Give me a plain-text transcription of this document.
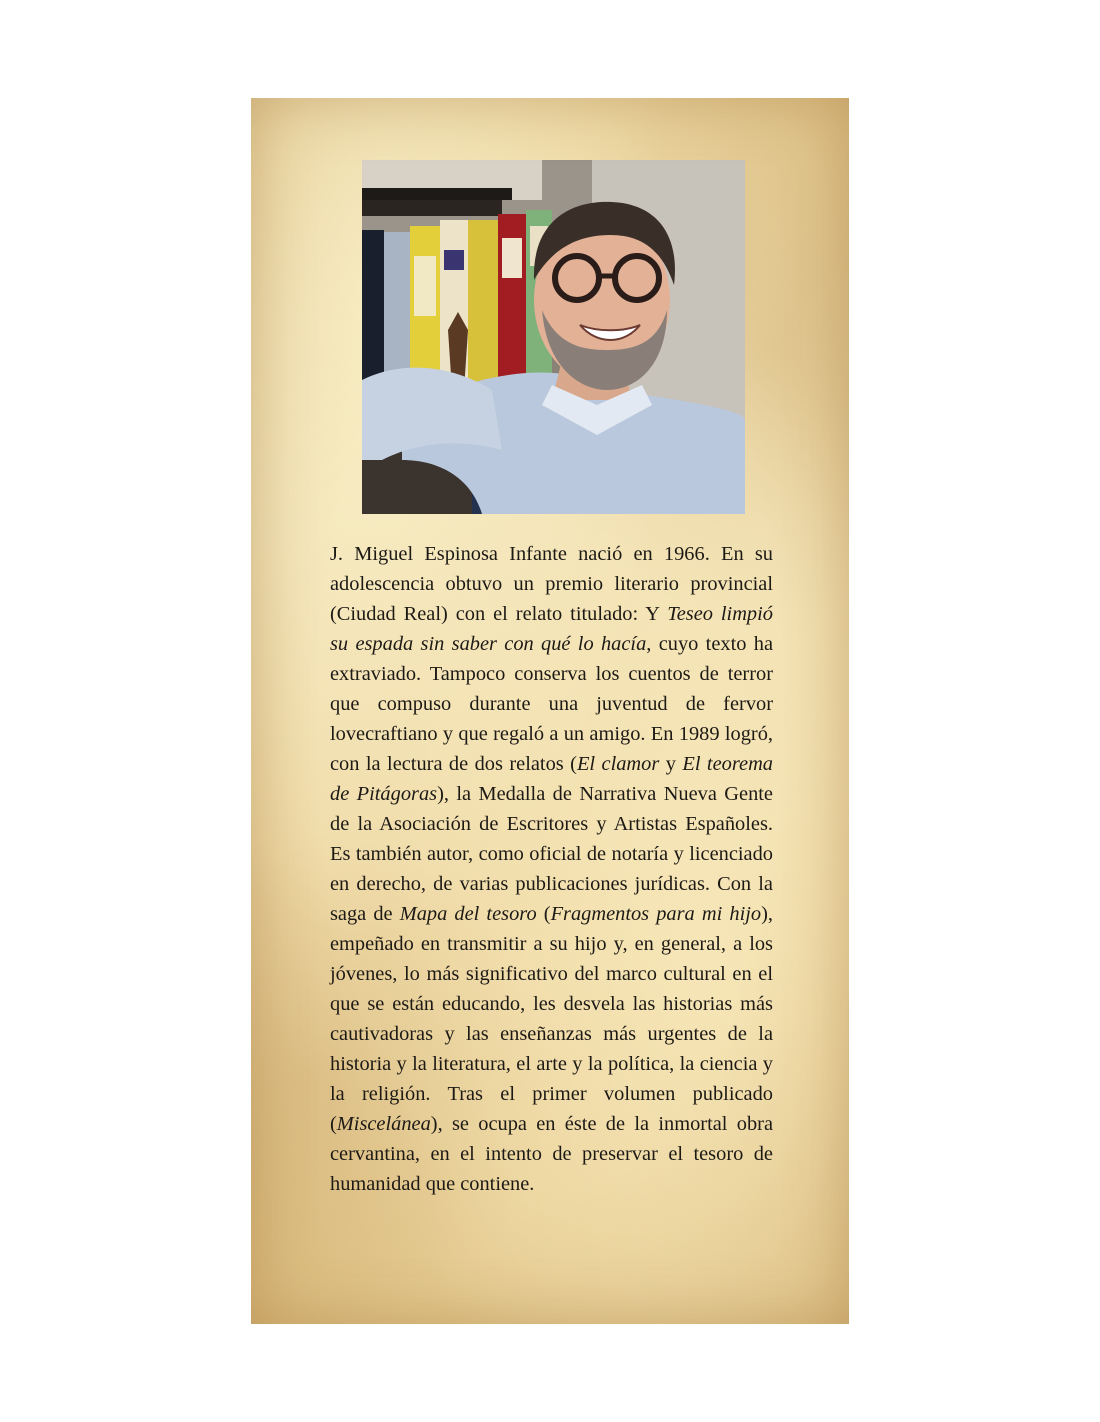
J. Miguel Espinosa Infante nació en 1966. En su adolescencia obtuvo un premio literario provincial (Ciudad Real) con el relato titulado: Y Teseo limpió su espada sin saber con qué lo hacía, cuyo texto ha extraviado. Tampoco conserva los cuentos de terror que compuso durante una juventud de fervor lovecraftiano y que regaló a un amigo. En 1989 logró, con la lectura de dos relatos (El clamor y El teorema de Pitágoras), la Medalla de Narrativa Nueva Gente de la Asociación de Escritores y Artistas Españoles. Es también autor, como oficial de notaría y licenciado en derecho, de varias publicaciones jurídicas. Con la saga de Mapa del tesoro (Fragmentos para mi hijo), empeñado en transmitir a su hijo y, en general, a los jóvenes, lo más significativo del marco cultural en el que se están educando, les desvela las historias más cautivadoras y las enseñanzas más urgentes de la historia y la literatura, el arte y la política, la ciencia y la religión. Tras el primer volumen publicado (Miscelánea), se ocupa en éste de la inmortal obra cervantina, en el intento de preservar el tesoro de humanidad que contiene.
